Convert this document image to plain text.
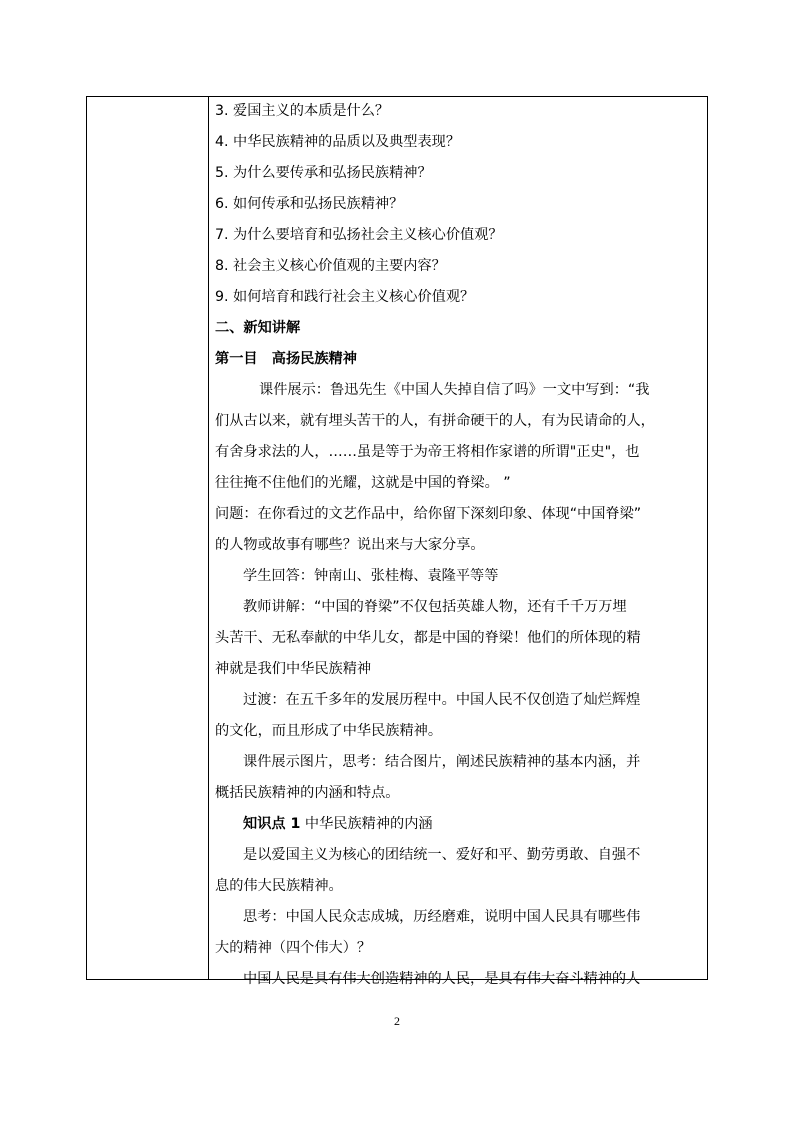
3. 爱国主义的本质是什么？
4. 中华民族精神的品质以及典型表现？
5. 为什么要传承和弘扬民族精神？
6. 如何传承和弘扬民族精神？
7. 为什么要培育和弘扬社会主义核心价值观？
8. 社会主义核心价值观的主要内容？
9. 如何培育和践行社会主义核心价值观？
二、新知讲解
第一目　高扬民族精神
课件展示：鲁迅先生《中国人失掉自信了吗》一文中写到：“我
们从古以来，就有埋头苦干的人，有拼命硬干的人，有为民请命的人，
有舍身求法的人，……虽是等于为帝王将相作家谱的所谓"正史"，也
往往掩不住他们的光耀，这就是中国的脊梁。 ”
问题：在你看过的文艺作品中，给你留下深刻印象、体现“中国脊梁”
的人物或故事有哪些？说出来与大家分享。
学生回答：钟南山、张桂梅、袁隆平等等
教师讲解：“中国的脊梁”不仅包括英雄人物，还有千千万万埋
头苦干、无私奉献的中华儿女，都是中国的脊梁！他们的所体现的精
神就是我们中华民族精神
过渡：在五千多年的发展历程中。中国人民不仅创造了灿烂辉煌
的文化，而且形成了中华民族精神。
课件展示图片，思考：结合图片，阐述民族精神的基本内涵，并
概括民族精神的内涵和特点。
知识点 1 中华民族精神的内涵
是以爱国主义为核心的团结统一、爱好和平、勤劳勇敢、自强不
息的伟大民族精神。
思考：中国人民众志成城，历经磨难，说明中国人民具有哪些伟
大的精神（四个伟大）？
中国人民是具有伟大创造精神的人民，是具有伟大奋斗精神的人
2
